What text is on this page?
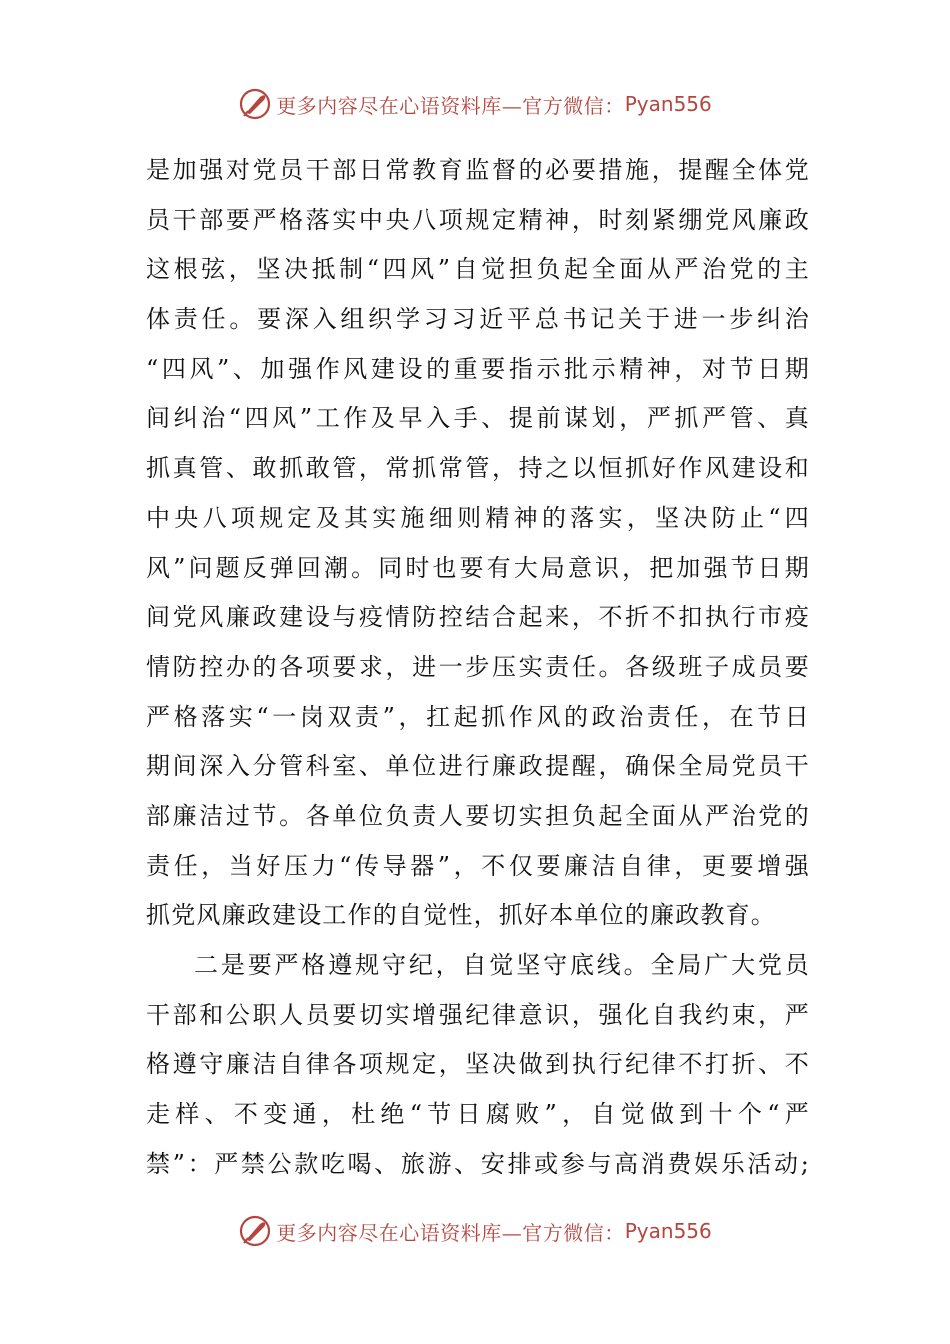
更多内容尽在心语资料库—官方微信： Pyan556
是加强对党员干部日常教育监督的必要措施，提醒全体党
员干部要严格落实中央八项规定精神，时刻紧绷党风廉政
这根弦，坚决抵制“四风”自觉担负起全面从严治党的主
体责任。要深入组织学习习近平总书记关于进一步纠治
“四风”、加强作风建设的重要指示批示精神，对节日期
间纠治“四风”工作及早入手、提前谋划，严抓严管、真
抓真管、敢抓敢管，常抓常管，持之以恒抓好作风建设和
中央八项规定及其实施细则精神的落实，坚决防止“四
风”问题反弹回潮。同时也要有大局意识，把加强节日期
间党风廉政建设与疫情防控结合起来，不折不扣执行市疫
情防控办的各项要求，进一步压实责任。各级班子成员要
严格落实“一岗双责”，扛起抓作风的政治责任，在节日
期间深入分管科室、单位进行廉政提醒，确保全局党员干
部廉洁过节。各单位负责人要切实担负起全面从严治党的
责任，当好压力“传导器”，不仅要廉洁自律，更要增强
抓党风廉政建设工作的自觉性，抓好本单位的廉政教育。
二是要严格遵规守纪，自觉坚守底线。全局广大党员
干部和公职人员要切实增强纪律意识，强化自我约束，严
格遵守廉洁自律各项规定，坚决做到执行纪律不打折、不
走样、不变通，杜绝“节日腐败”，自觉做到十个“严
禁”：严禁公款吃喝、旅游、安排或参与高消费娱乐活动;
更多内容尽在心语资料库—官方微信： Pyan556
